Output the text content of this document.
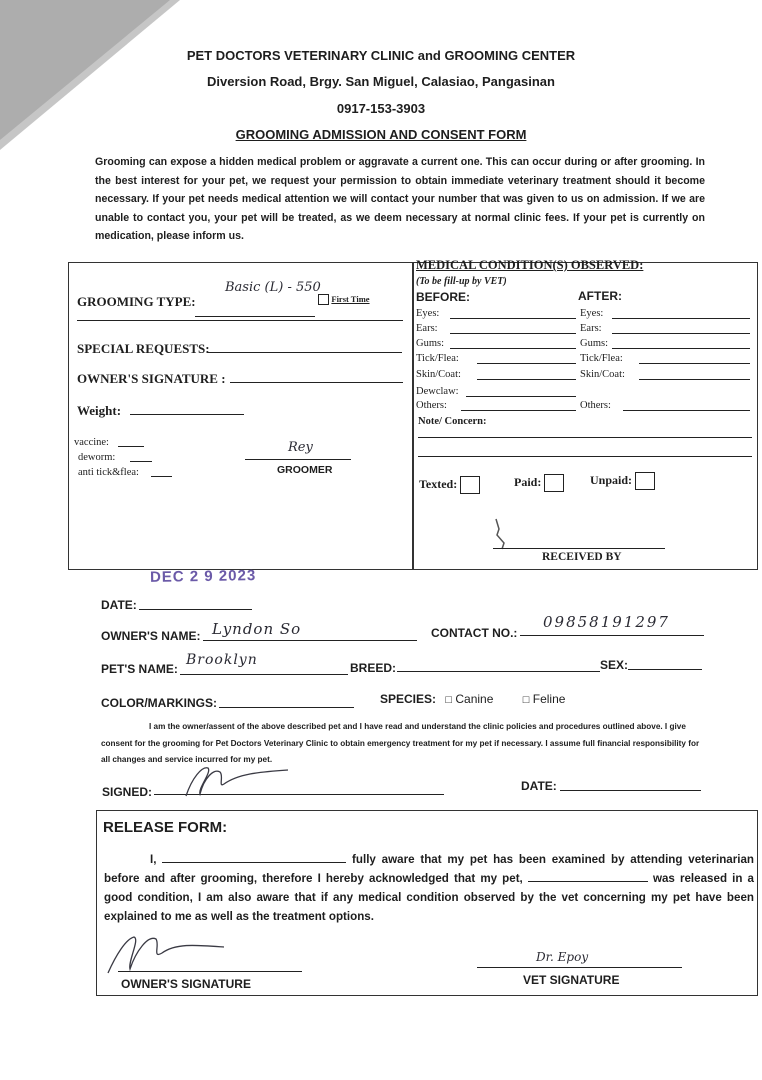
PET DOCTORS VETERINARY CLINIC and GROOMING CENTER
Diversion Road, Brgy. San Miguel, Calasiao, Pangasinan
0917-153-3903
GROOMING ADMISSION AND CONSENT FORM
Grooming can expose a hidden medical problem or aggravate a current one. This can occur during or after grooming. In the best interest for your pet, we request your permission to obtain immediate veterinary treatment should it become necessary. If your pet needs medical attention we will contact your number that was given to us on admission. If we are unable to contact you, your pet will be treated, as we deem necessary at normal clinic fees. If your pet is currently on medication, please inform us.
GROOMING TYPE:
Basic (L) - 550
First Time
SPECIAL REQUESTS:
OWNER'S SIGNATURE :
Weight:
vaccine:
deworm:
anti tick&flea:
Rey
GROOMER
MEDICAL CONDITION(S) OBSERVED:
(To be fill-up by VET)
BEFORE:	AFTER:
Eyes:	Eyes:
Ears:	Ears:
Gums:	Gums:
Tick/Flea:	Tick/Flea:
Skin/Coat:	Skin/Coat:
Dewclaw:
Others:	Others:
Note/ Concern:
Texted:	Paid:	Unpaid:
RECEIVED BY
DEC 2 9 2023
DATE:
OWNER'S NAME: Lyndon So	CONTACT NO.:
09858191297
PET'S NAME:
Brooklyn	BREED:	SEX:
COLOR/MARKINGS:	SPECIES: □ Canine	□ Feline
I am the owner/assent of the above described pet and I have read and understand the clinic policies and procedures outlined above. I give consent for the grooming for Pet Doctors Veterinary Clinic to obtain emergency treatment for my pet if necessary. I assume full financial responsibility for all changes and service incurred for my pet.
SIGNED:	DATE:
RELEASE FORM:
I,	fully aware that my pet has been examined by attending veterinarian before and after grooming, therefore I hereby acknowledged that my pet,	was released in a good condition, I am also aware that if any medical condition observed by the vet concerning my pet have been explained to me as well as the treatment options.
OWNER'S SIGNATURE
Dr. Epoy
VET SIGNATURE
